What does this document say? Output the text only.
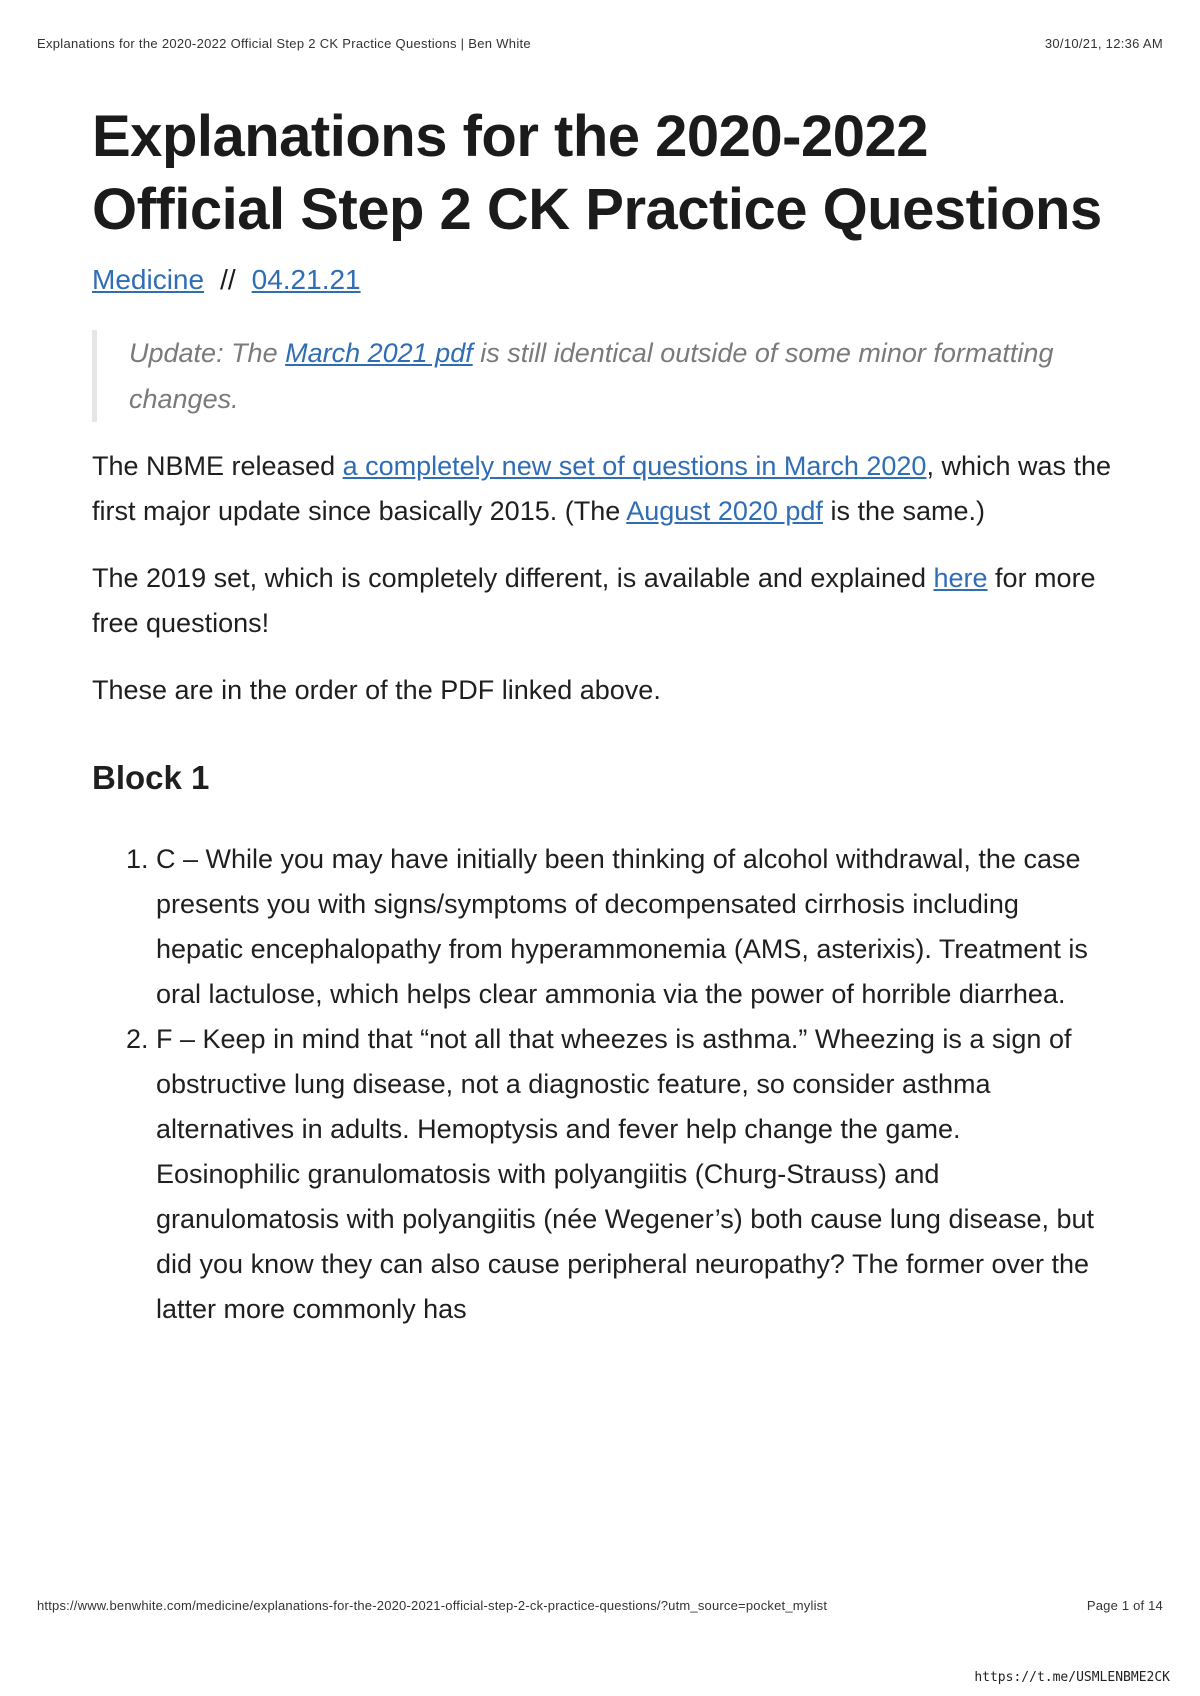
Explanations for the 2020-2022 Official Step 2 CK Practice Questions | Ben White	30/10/21, 12:36 AM
Explanations for the 2020-2022 Official Step 2 CK Practice Questions
Medicine // 04.21.21
Update: The March 2021 pdf is still identical outside of some minor formatting changes.

The NBME released a completely new set of questions in March 2020, which was the first major update since basically 2015. (The August 2020 pdf is the same.)

The 2019 set, which is completely different, is available and explained here for more free questions!

These are in the order of the PDF linked above.

Block 1
1. C – While you may have initially been thinking of alcohol withdrawal, the case presents you with signs/symptoms of decompensated cirrhosis including hepatic encephalopathy from hyperammonemia (AMS, asterixis). Treatment is oral lactulose, which helps clear ammonia via the power of horrible diarrhea.
2. F – Keep in mind that “not all that wheezes is asthma.” Wheezing is a sign of obstructive lung disease, not a diagnostic feature, so consider asthma alternatives in adults. Hemoptysis and fever help change the game. Eosinophilic granulomatosis with polyangiitis (Churg-Strauss) and granulomatosis with polyangiitis (née Wegener’s) both cause lung disease, but did you know they can also cause peripheral neuropathy? The former over the latter more commonly has
https://www.benwhite.com/medicine/explanations-for-the-2020-2021-official-step-2-ck-practice-questions/?utm_source=pocket_mylist	Page 1 of 14
https://t.me/USMLENBME2CK
